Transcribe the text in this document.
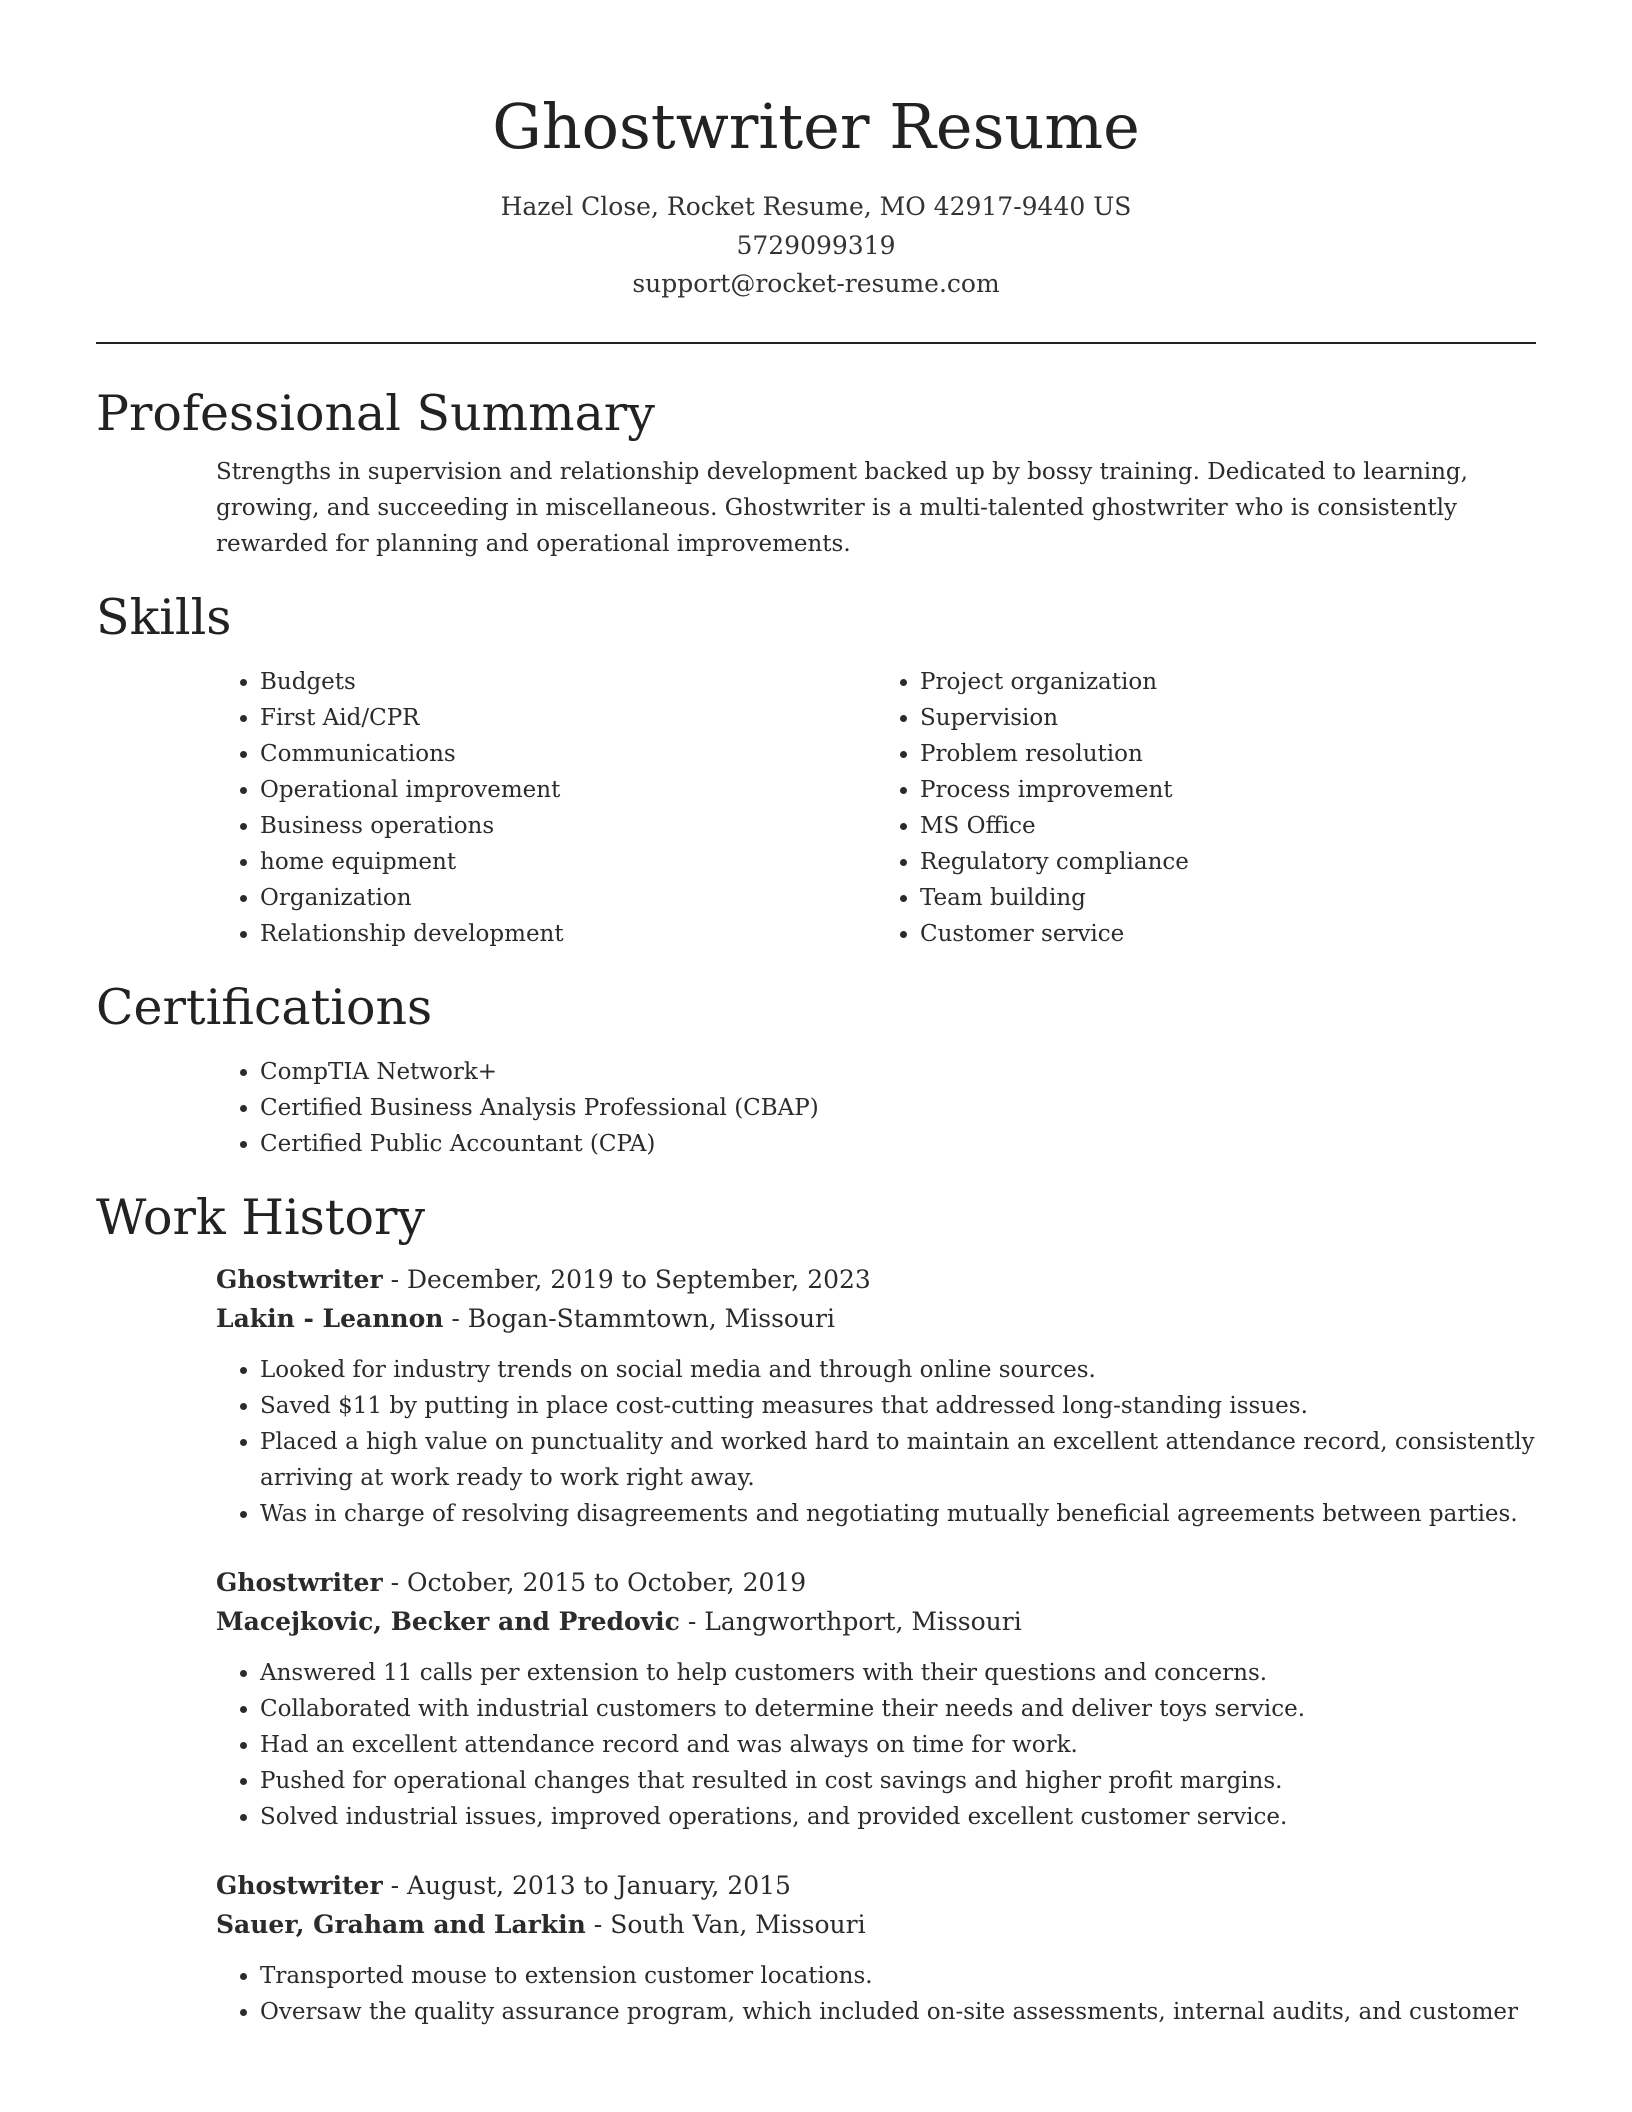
Ghostwriter Resume
Hazel Close, Rocket Resume, MO 42917-9440 US
5729099319
support@rocket-resume.com
Professional Summary
Strengths in supervision and relationship development backed up by bossy training. Dedicated to learning, growing, and succeeding in miscellaneous. Ghostwriter is a multi-talented ghostwriter who is consistently rewarded for planning and operational improvements.
Skills
• Budgets
• First Aid/CPR
• Communications
• Operational improvement
• Business operations
• home equipment
• Organization
• Relationship development
• Project organization
• Supervision
• Problem resolution
• Process improvement
• MS Office
• Regulatory compliance
• Team building
• Customer service
Certifications
• CompTIA Network+
• Certified Business Analysis Professional (CBAP)
• Certified Public Accountant (CPA)
Work History
Ghostwriter - December, 2019 to September, 2023
Lakin - Leannon - Bogan-Stammtown, Missouri
• Looked for industry trends on social media and through online sources.
• Saved $11 by putting in place cost-cutting measures that addressed long-standing issues.
• Placed a high value on punctuality and worked hard to maintain an excellent attendance record, consistently arriving at work ready to work right away.
• Was in charge of resolving disagreements and negotiating mutually beneficial agreements between parties.
Ghostwriter - October, 2015 to October, 2019
Macejkovic, Becker and Predovic - Langworthport, Missouri
• Answered 11 calls per extension to help customers with their questions and concerns.
• Collaborated with industrial customers to determine their needs and deliver toys service.
• Had an excellent attendance record and was always on time for work.
• Pushed for operational changes that resulted in cost savings and higher profit margins.
• Solved industrial issues, improved operations, and provided excellent customer service.
Ghostwriter - August, 2013 to January, 2015
Sauer, Graham and Larkin - South Van, Missouri
• Transported mouse to extension customer locations.
• Oversaw the quality assurance program, which included on-site assessments, internal audits, and customer
